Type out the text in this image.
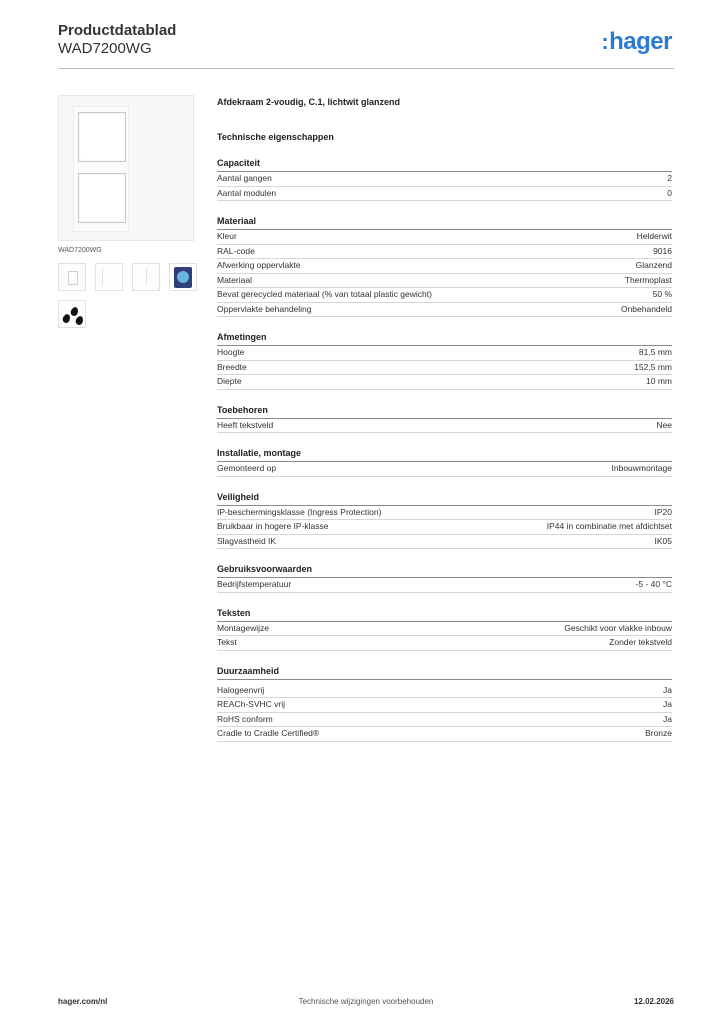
Productdatablad
WAD7200WG	:hager
WAD7200WG
Afdekraam 2-voudig, C.1, lichtwit glanzend
Technische eigenschappen
Capaciteit
Aantal gangen	2
Aantal modulen	0
Materiaal
Kleur	Helderwit
RAL-code	9016
Afwerking oppervlakte	Glanzend
Materiaal	Thermoplast
Bevat gerecycled materiaal (% van totaal plastic gewicht)	50 %
Oppervlakte behandeling	Onbehandeld
Afmetingen
Hoogte	81,5 mm
Breedte	152,5 mm
Diepte	10 mm
Toebehoren
Heeft tekstveld	Nee
Installatie, montage
Gemonteerd op	Inbouwmontage
Veiligheid
IP-beschermingsklasse (Ingress Protection)	IP20
Bruikbaar in hogere IP-klasse	IP44 in combinatie met afdichtset
Slagvastheid IK	IK05
Gebruiksvoorwaarden
Bedrijfstemperatuur	-5 - 40 °C
Teksten
Montagewijze	Geschikt voor vlakke inbouw
Tekst	Zonder tekstveld
Duurzaamheid
Halogeenvrij	Ja
REACh-SVHC vrij	Ja
RoHS conform	Ja
Cradle to Cradle Certified®	Bronze
hager.com/nl	Technische wijzigingen voorbehouden	12.02.2026
